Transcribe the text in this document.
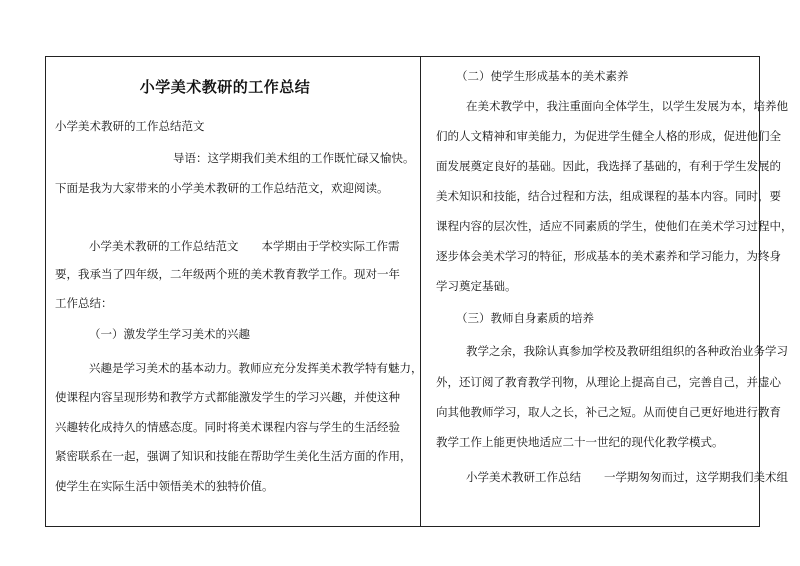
小学美术教研的工作总结
小学美术教研的工作总结范文
导语：这学期我们美术组的工作既忙碌又愉快。
下面是我为大家带来的小学美术教研的工作总结范文，欢迎阅读。
小学美术教研的工作总结范文　　本学期由于学校实际工作需
要，我承当了四年级，二年级两个班的美术教育教学工作。现对一年
工作总结：
（一）激发学生学习美术的兴趣
兴趣是学习美术的基本动力。教师应充分发挥美术教学特有魅力，
使课程内容呈现形势和教学方式都能激发学生的学习兴趣，并使这种
兴趣转化成持久的情感态度。同时将美术课程内容与学生的生活经验
紧密联系在一起，强调了知识和技能在帮助学生美化生活方面的作用，
使学生在实际生活中领悟美术的独特价值。
（二）使学生形成基本的美术素养
在美术教学中，我注重面向全体学生，以学生发展为本，培养他
们的人文精神和审美能力，为促进学生健全人格的形成，促进他们全
面发展奠定良好的基础。因此，我选择了基础的，有利于学生发展的
美术知识和技能，结合过程和方法，组成课程的基本内容。同时，要
课程内容的层次性，适应不同素质的学生，使他们在美术学习过程中，
逐步体会美术学习的特征，形成基本的美术素养和学习能力，为终身
学习奠定基础。
（三）教师自身素质的培养
教学之余，我除认真参加学校及教研组组织的各种政治业务学习
外，还订阅了教育教学刊物，从理论上提高自己，完善自己，并虚心
向其他教师学习，取人之长，补己之短。从而使自己更好地进行教育
教学工作上能更快地适应二十一世纪的现代化教学模式。
小学美术教研工作总结　　一学期匆匆而过，这学期我们美术组
